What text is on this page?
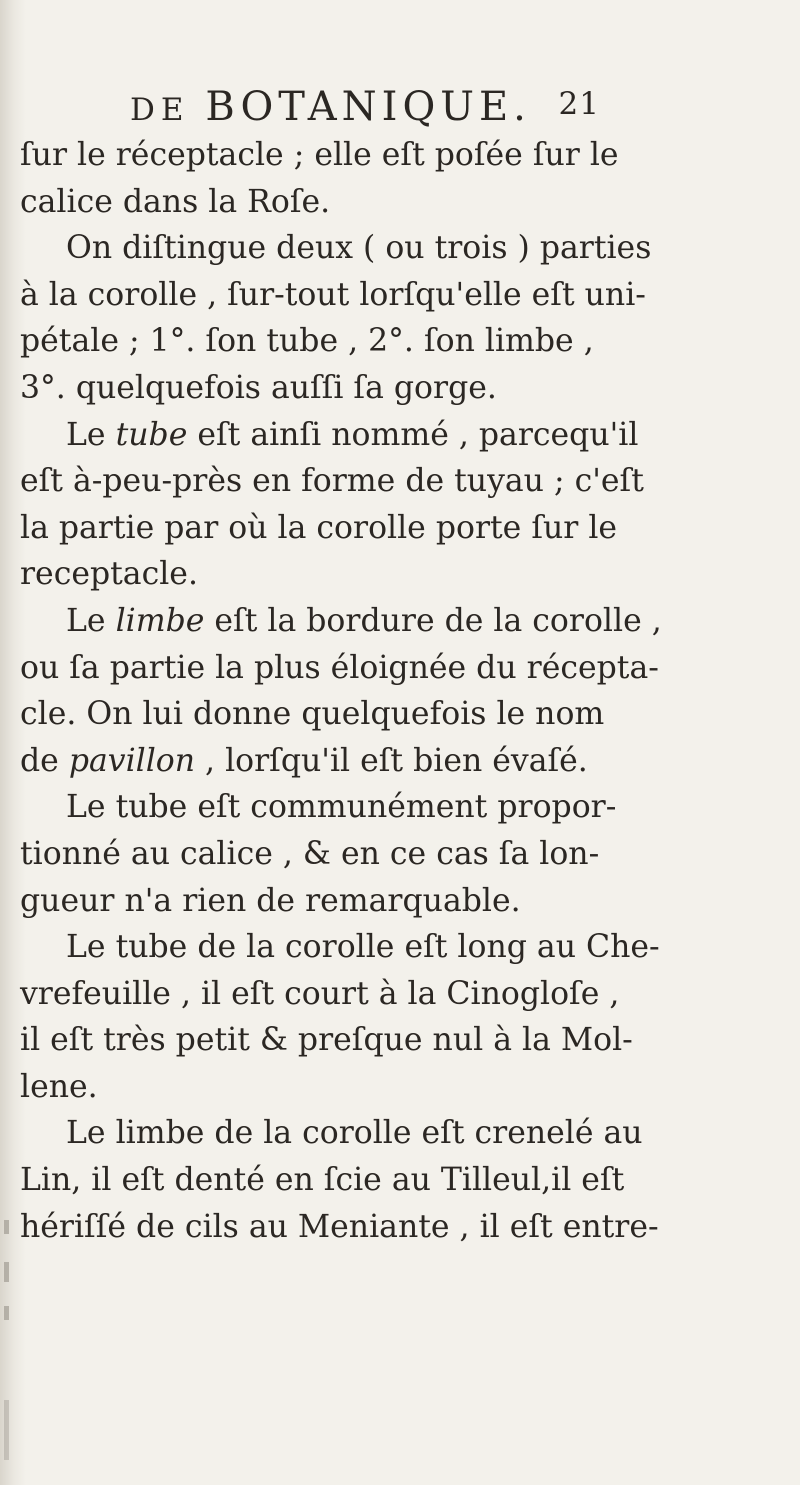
DE BOTANIQUE. 21
ſur le réceptacle ; elle eſt poſée ſur le
calice dans la Roſe.
On diſtingue deux ( ou trois ) parties
à la corolle , ſur-tout lorſqu'elle eſt uni-
pétale ; 1°. ſon tube , 2°. ſon limbe ,
3°. quelquefois auſſi ſa gorge.
Le tube eſt ainſi nommé , parcequ'il
eſt à-peu-près en forme de tuyau ; c'eſt
la partie par où la corolle porte ſur le
receptacle.
Le limbe eſt la bordure de la corolle ,
ou ſa partie la plus éloignée du récepta-
cle. On lui donne quelquefois le nom
de pavillon , lorſqu'il eſt bien évaſé.
Le tube eſt communément propor-
tionné au calice , & en ce cas ſa lon-
gueur n'a rien de remarquable.
Le tube de la corolle eſt long au Che-
vrefeuille , il eſt court à la Cinogloſe ,
il eſt très petit & preſque nul à la Mol-
lene.
Le limbe de la corolle eſt crenelé au
Lin, il eſt denté en ſcie au Tilleul,il eſt
hériſſé de cils au Meniante , il eſt entre-
